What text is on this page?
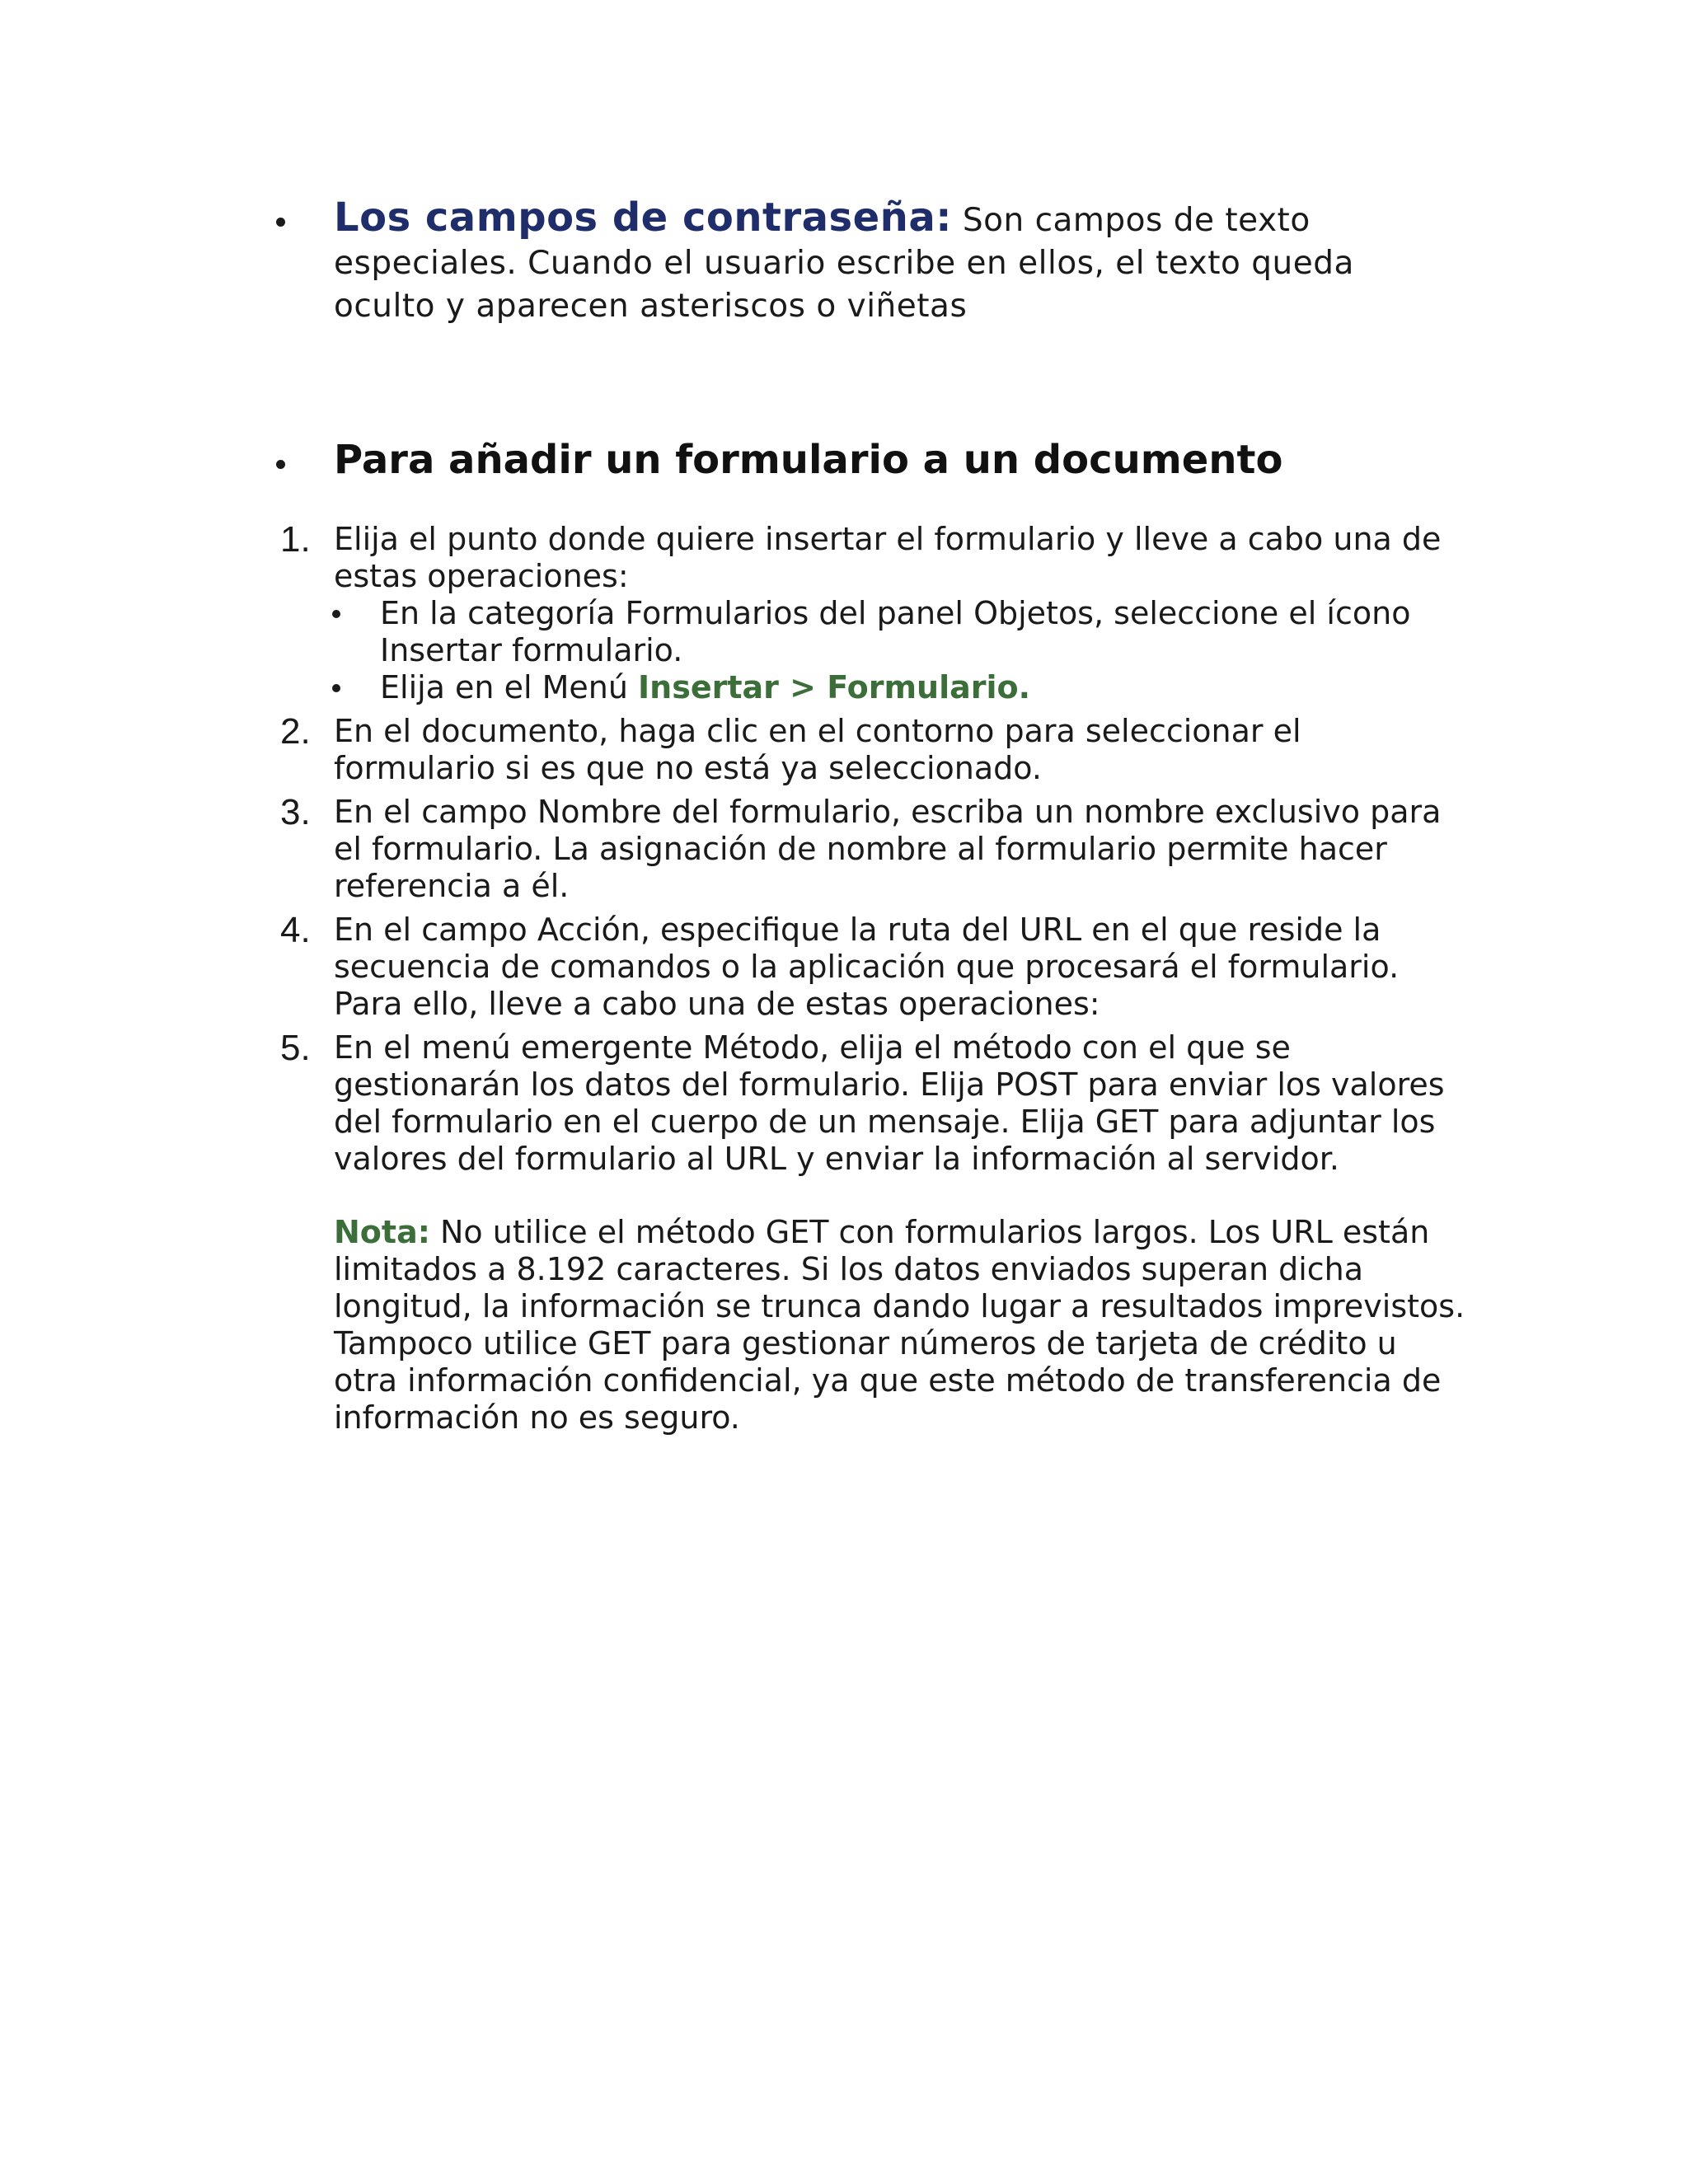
Los campos de contraseña: Son campos de texto especiales. Cuando el usuario escribe en ellos, el texto queda oculto y aparecen asteriscos o viñetas
Para añadir un formulario a un documento
1. Elija el punto donde quiere insertar el formulario y lleve a cabo una de estas operaciones:
En la categoría Formularios del panel Objetos, seleccione el ícono Insertar formulario.
Elija en el Menú Insertar > Formulario.
2. En el documento, haga clic en el contorno para seleccionar el formulario si es que no está ya seleccionado.
3. En el campo Nombre del formulario, escriba un nombre exclusivo para el formulario. La asignación de nombre al formulario permite hacer referencia a él.
4. En el campo Acción, especifique la ruta del URL en el que reside la secuencia de comandos o la aplicación que procesará el formulario. Para ello, lleve a cabo una de estas operaciones:
5. En el menú emergente Método, elija el método con el que se gestionarán los datos del formulario. Elija POST para enviar los valores del formulario en el cuerpo de un mensaje. Elija GET para adjuntar los valores del formulario al URL y enviar la información al servidor.
Nota: No utilice el método GET con formularios largos. Los URL están limitados a 8.192 caracteres. Si los datos enviados superan dicha longitud, la información se trunca dando lugar a resultados imprevistos. Tampoco utilice GET para gestionar números de tarjeta de crédito u otra información confidencial, ya que este método de transferencia de información no es seguro.
